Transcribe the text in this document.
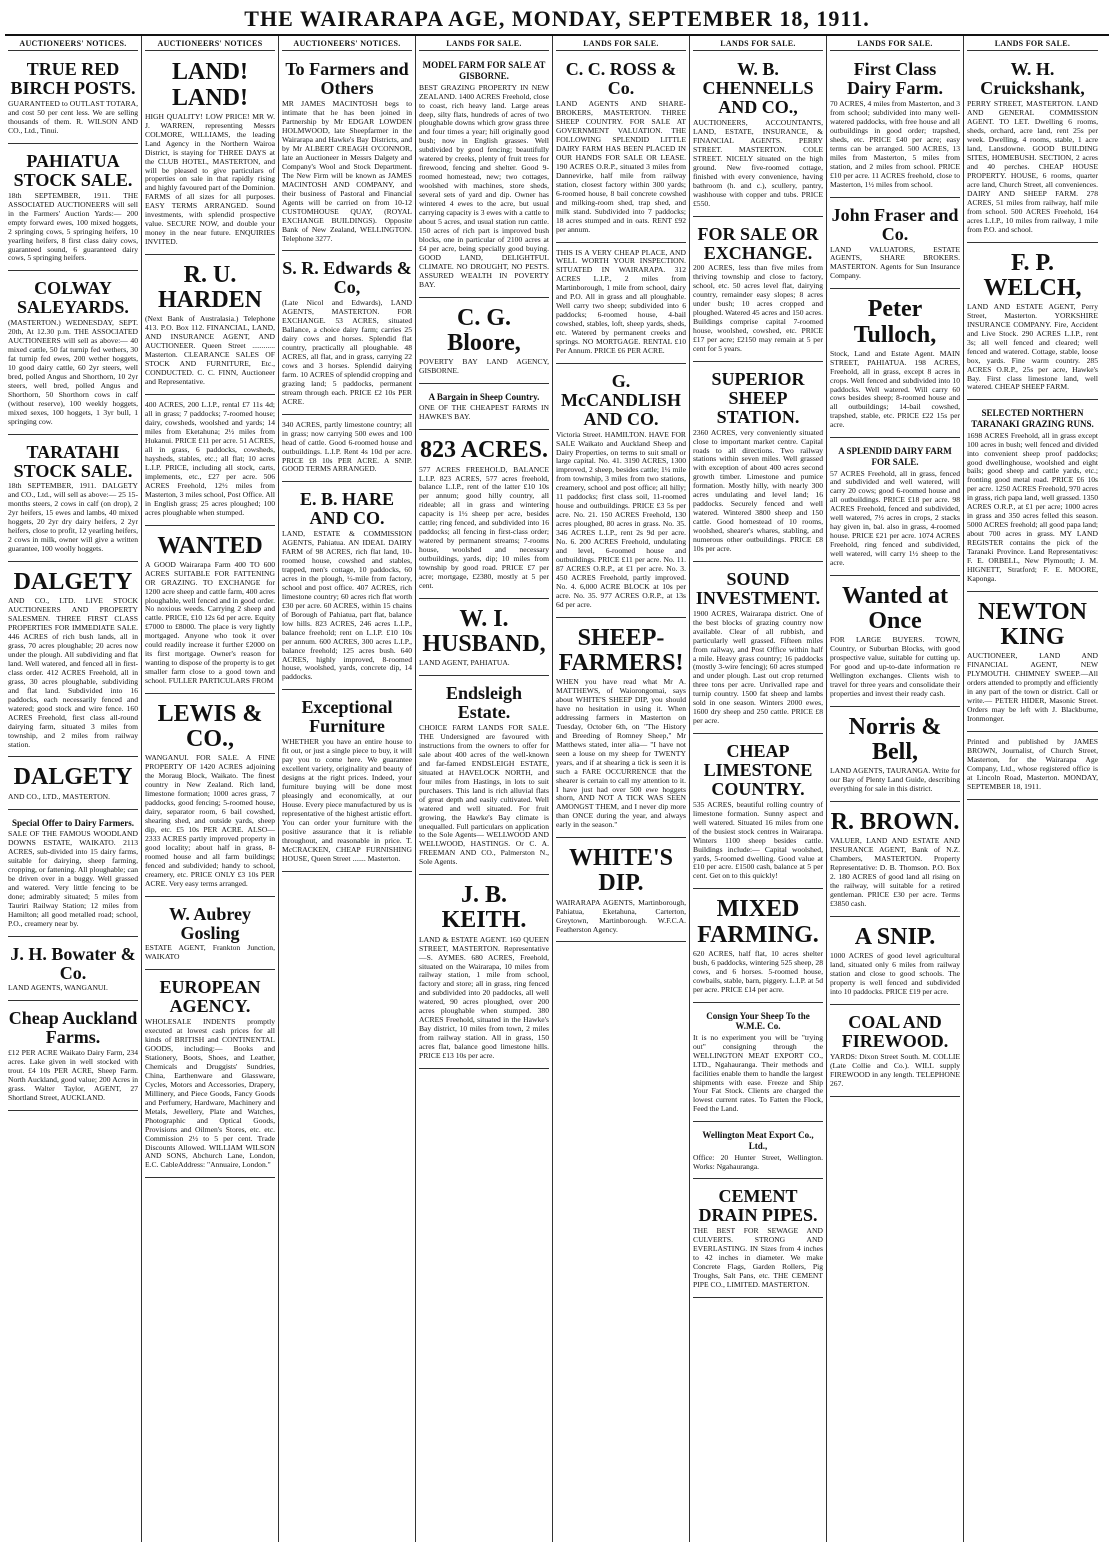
THE WAIRARAPA AGE, MONDAY, SEPTEMBER 18, 1911.
AUCTIONEERS' NOTICES.
TRUE RED BIRCH POSTS.

GUARANTEED to OUTLAST TOTARA, and cost 50 per cent less. We are selling thousands of them. R. WILSON AND CO., Ltd., Tinui.

PAHIATUA STOCK SALE.

18th SEPTEMBER, 1911. THE ASSOCIATED AUCTIONEERS will sell in the Farmers' Auction Yards:— 200 empty forward ewes, 100 mixed hoggets, 2 springing cows, 5 springing heifers, 10 yearling heifers, 8 first class dairy cows, guaranteed sound, 6 guaranteed dairy cows, 5 springing heifers.

COLWAY SALEYARDS.

(MASTERTON.) WEDNESDAY, SEPT. 20th, At 12.30 p.m. THE ASSOCIATED AUCTIONEERS will sell as above:— 40 mixed cattle, 50 fat turnip fed wethers, 30 fat turnip fed ewes, 200 wether hoggets, 10 good dairy cattle, 60 2yr steers, well bred, polled Angus and Shorthorn, 10 2yr steers, well bred, polled Angus and Shorthorn, 50 Shorthorn cows in calf (without reserve), 100 weekly hoggets, mixed sexes, 100 hoggets, 1 3yr bull, 1 springing cow.

TARATAHI STOCK SALE.

18th SEPTEMBER, 1911. DALGETY and CO., Ltd., will sell as above:— 25 15-months steers, 2 cows in calf (on drop), 2 2yr heifers, 15 ewes and lambs, 40 mixed hoggets, 20 2yr dry dairy heifers, 2 2yr heifers, close to profit, 12 yearling heifers, 2 cows in milk, owner will give a written guarantee, 100 woolly hoggets.

DALGETY

AND CO., LTD. LIVE STOCK AUCTIONEERS AND PROPERTY SALESMEN. THREE FIRST CLASS PROPERTIES FOR IMMEDIATE SALE. 446 ACRES of rich bush lands, all in grass, 70 acres ploughable; 20 acres now under the plough. All subdividing and flat land. Well watered, and fenced all in first-class order. 412 ACRES Freehold, all in grass, 30 acres ploughable, subdividing and flat land. Subdivided into 16 paddocks, each necessarily fenced and watered; good stock and wire fence. 160 ACRES Freehold, first class all-round dairying farm, situated 3 miles from township, and 2 miles from railway station.

DALGETY

AND CO., LTD., MASTERTON.

Special Offer to Dairy Farmers.

SALE OF THE FAMOUS WOODLAND DOWNS ESTATE, WAIKATO. 2113 ACRES, sub-divided into 15 dairy farms, suitable for dairying, sheep farming, cropping, or fattening. All ploughable; can be driven over in a buggy. Well grassed and watered. Very little fencing to be done; admirably situated; 5 miles from Tauriri Railway Station; 12 miles from Hamilton; all good metalled road; school, P.O., creamery near by.

J. H. Bowater & Co.

LAND AGENTS, WANGANUI.

Cheap Auckland Farms.

£12 PER ACRE Waikato Dairy Farm, 234 acres. Lake given in well stocked with trout. £4 10s PER ACRE, Sheep Farm. North Auckland, good value; 200 Acres in grass. Walter Taylor, AGENT, 27 Shortland Street, AUCKLAND.

AUCTIONEERS' NOTICES
LAND! LAND!

HIGH QUALITY! LOW PRICE! MR W. J. WARREN, representing Messrs COLMORE, WILLIAMS, the leading Land Agency in the Northern Wairoa District, is staying for THREE DAYS at the CLUB HOTEL, MASTERTON, and will be pleased to give particulars of properties on sale in that rapidly rising and highly favoured part of the Dominion. FARMS of all sizes for all purposes. EASY TERMS ARRANGED. Sound investments, with splendid prospective value. SECURE NOW, and double your money in the near future. ENQUIRIES INVITED.

R. U. HARDEN

(Next Bank of Australasia.) Telephone 413. P.O. Box 112. FINANCIAL, LAND, AND INSURANCE AGENT, AND AUCTIONEER. Queen Street ............ Masterton. CLEARANCE SALES OF STOCK AND FURNITURE, Etc., CONDUCTED. C. C. FINN, Auctioneer and Representative.

400 ACRES, 200 L.I.P., rental £7 11s 4d; all in grass; 7 paddocks; 7-roomed house; dairy, cowsheds, woolshed and yards; 14 miles from Eketahuna; 2½ miles from Hukanui. PRICE £11 per acre. 51 ACRES, all in grass, 6 paddocks, cowsheds, haysheds, stables, etc.; all flat; 10 acres L.I.P. PRICE, including all stock, carts, implements, etc., £27 per acre. 506 ACRES Freehold, 12½ miles from Masterton, 3 miles school, Post Office. All in English grass; 25 acres ploughed; 100 acres ploughable when stumped.

WANTED

A GOOD Wairarapa Farm 400 TO 600 ACRES SUITABLE FOR FATTENING OR GRAZING. TO EXCHANGE for 1200 acre sheep and cattle farm, 400 acres ploughable, well fenced and in good order. No noxious weeds. Carrying 2 sheep and cattle. PRICE, £10 12s 6d per acre. Equity £7000 to £8000. The place is very lightly mortgaged. Anyone who took it over could readily increase it further £2000 on its first mortgage. Owner's reason for wanting to dispose of the property is to get smaller farm close to a good town and school. FULLER PARTICULARS FROM

LEWIS & CO.,

WANGANUI. FOR SALE. A FINE PROPERTY OF 1420 ACRES adjoining the Moraug Block, Waikato. The finest country in New Zealand. Rich land, limestone formation; 1000 acres grass, 7 paddocks, good fencing; 5-roomed house, dairy, separator room, 6 bail cowshed, shearing shed, and outside yards, sheep dip, etc. £5 10s PER ACRE. ALSO— 2333 ACRES partly improved property in good locality; about half in grass, 8-roomed house and all farm buildings; fenced and subdivided; handy to school, creamery, etc. PRICE ONLY £3 10s PER ACRE. Very easy terms arranged.

W. Aubrey Gosling

ESTATE AGENT, Frankton Junction, WAIKATO

EUROPEAN AGENCY.

WHOLESALE INDENTS promptly executed at lowest cash prices for all kinds of BRITISH and CONTINENTAL GOODS, including:— Books and Stationery, Boots, Shoes, and Leather, Chemicals and Druggists' Sundries, China, Earthenware and Glassware, Cycles, Motors and Accessories, Drapery, Millinery, and Piece Goods, Fancy Goods and Perfumery, Hardware, Machinery and Metals, Jewellery, Plate and Watches, Photographic and Optical Goods, Provisions and Oilmen's Stores, etc. etc. Commission 2½ to 5 per cent. Trade Discounts Allowed. WILLIAM WILSON AND SONS, Abchurch Lane, London, E.C. CableAddress: "Annuaire, London."

AUCTIONEERS' NOTICES.
To Farmers and Others

MR JAMES MACINTOSH begs to intimate that he has been joined in Partnership by Mr EDGAR LOWDEN HOLMWOOD, late Sheepfarmer in the Wairarapa and Hawke's Bay Districts, and by Mr ALBERT CREAGH O'CONNOR, late an Auctioneer in Messrs Dalgety and Company's Wool and Stock Department. The New Firm will be known as JAMES MACINTOSH AND COMPANY, and their business of Pastoral and Financial Agents will be carried on from 10-12 CUSTOMHOUSE QUAY, (ROYAL EXCHANGE BUILDINGS). Opposite Bank of New Zealand, WELLINGTON. Telephone 3277.

S. R. Edwards & Co,

(Late Nicol and Edwards), LAND AGENTS, MASTERTON. FOR EXCHANGE. 53 ACRES, situated Ballance, a choice dairy farm; carries 25 dairy cows and horses. Splendid flat country, practically all ploughable. 48 ACRES, all flat, and in grass, carrying 22 cows and 3 horses. Splendid dairying farm. 10 ACRES of splendid cropping and grazing land; 5 paddocks, permanent stream through each. PRICE £2 10s PER ACRE.

340 ACRES, partly limestone country; all in grass; now carrying 500 ewes and 100 head of cattle. Good 6-roomed house and outbuildings. L.I.P. Rent 4s 10d per acre. PRICE £8 10s PER ACRE. A SNIP. GOOD TERMS ARRANGED.

E. B. HARE AND CO.

LAND, ESTATE & COMMISSION AGENTS, Pahiatua. AN IDEAL DAIRY FARM of 98 ACRES, rich flat land, 10-roomed house, cowshed and stables, trapped, men's cottage, 10 paddocks, 60 acres in the plough, ½-mile from factory, school and post office. 407 ACRES, rich limestone country; 60 acres rich flat worth £30 per acre. 60 ACRES, within 15 chains of Borough of Pahiatua, part flat, balance low hills. 823 ACRES, 246 acres L.I.P., balance freehold; rent on L.I.P. £10 10s per annum. 600 ACRES, 300 acres L.I.P., balance freehold; 125 acres bush. 640 ACRES, highly improved, 8-roomed house, woolshed, yards, concrete dip, 14 paddocks.

Exceptional Furniture

WHETHER you have an entire house to fit out, or just a single piece to buy, it will pay you to come here. We guarantee excellent variety, originality and beauty of designs at the right prices. Indeed, your furniture buying will be done most pleasingly and economically, at our House. Every piece manufactured by us is representative of the highest artistic effort. You can order your furniture with the positive assurance that it is reliable throughout, and reasonable in price. T. McCRACKEN, CHEAP FURNISHING HOUSE, Queen Street ....... Masterton.

LANDS FOR SALE.
MODEL FARM FOR SALE AT GISBORNE.

BEST GRAZING PROPERTY IN NEW ZEALAND. 1400 ACRES Freehold, close to coast, rich heavy land. Large areas deep, silty flats, hundreds of acres of two ploughable downs which grow grass three and four times a year; hill originally good bush; now in English grasses. Well subdivided by good fencing; beautifully watered by creeks, plenty of fruit trees for firewood, fencing and shelter. Good 9-roomed homestead, new; two cottages, woolshed with machines, store sheds, several sets of yard and dip. Owner has wintered 4 ewes to the acre, but usual carrying capacity is 3 ewes with a cattle to about 5 acres, and usual station run cattle. 150 acres of rich part is improved bush blocks, one in particular of 2100 acres at £4 per acre, being specially good buying. GOOD LAND, DELIGHTFUL CLIMATE. NO DROUGHT, NO PESTS. ASSURED WEALTH IN POVERTY BAY.

C. G. Bloore,

POVERTY BAY LAND AGENCY, GISBORNE.

A Bargain in Sheep Country.

ONE OF THE CHEAPEST FARMS IN HAWKE'S BAY.

823 ACRES.

577 ACRES FREEHOLD, BALANCE L.I.P. 823 ACRES, 577 acres freehold, balance L.I.P., rent of the latter £10 10s per annum; good hilly country, all rideable; all in grass and wintering capacity is 1½ sheep per acre, besides cattle; ring fenced, and subdivided into 16 paddocks; all fencing in first-class order; watered by permanent streams; 7-rooms house, woolshed and necessary outbuildings, yards, dip; 10 miles from township by good road. PRICE £7 per acre; mortgage, £2380, mostly at 5 per cent.

W. I. HUSBAND,

LAND AGENT, PAHIATUA.

Endsleigh Estate.

CHOICE FARM LANDS FOR SALE. THE Undersigned are favoured with instructions from the owners to offer for sale about 400 acres of the well-known and far-famed ENDSLEIGH ESTATE, situated at HAVELOCK NORTH, and four miles from Hastings, in lots to suit purchasers. This land is rich alluvial flats of great depth and easily cultivated. Well watered and well situated. For fruit growing, the Hawke's Bay climate is unequalled. Full particulars on application to the Sole Agents— WELLWOOD AND WELLWOOD, HASTINGS. Or C. A. FREEMAN AND CO., Palmerston N., Sole Agents.

J. B. KEITH.

LAND & ESTATE AGENT. 160 QUEEN STREET, MASTERTON. Representative—S. AYMES. 680 ACRES, Freehold, situated on the Wairarapa, 10 miles from railway station, 1 mile from school, factory and store; all in grass, ring fenced and subdivided into 20 paddocks, all well watered, 90 acres ploughed, over 200 acres ploughable when stumped. 380 ACRES Freehold, situated in the Hawke's Bay district, 10 miles from town, 2 miles from railway station. All in grass, 150 acres flat, balance good limestone hills. PRICE £13 10s per acre.

LANDS FOR SALE.
C. C. ROSS & Co.

LAND AGENTS AND SHARE-BROKERS, MASTERTON. THREE SHEEP COUNTRY. FOR SALE AT GOVERNMENT VALUATION. THE FOLLOWING SPLENDID LITTLE DAIRY FARM HAS BEEN PLACED IN OUR HANDS FOR SALE OR LEASE. 190 ACRES O.R.P., situated 3 miles from Dannevirke, half mile from railway station, closest factory within 300 yards; 6-roomed house, 8 bail concrete cowshed and milking-room shed, trap shed, and milk stand. Subdivided into 7 paddocks; 18 acres stumped and in oats. RENT £92 per annum.

THIS IS A VERY CHEAP PLACE, AND WELL WORTH YOUR INSPECTION. SITUATED IN WAIRARAPA. 312 ACRES L.I.P., 2 miles from Martinborough, 1 mile from school, dairy and P.O. All in grass and all ploughable. Well carry two sheep; subdivided into 6 paddocks; 6-roomed house, 4-bail cowshed, stables, loft, sheep yards, sheds, etc. Watered by permanent creeks and springs. NO MORTGAGE. RENTAL £10 Per Annum. PRICE £6 PER ACRE.

G. McCANDLISH AND CO.

Victoria Street. HAMILTON. HAVE FOR SALE Waikato and Auckland Sheep and Dairy Properties, on terms to suit small or large capital. No. 41. 3190 ACRES, 1300 improved, 2 sheep, besides cattle; 1¼ mile from township, 3 miles from two stations, creamery, school and post office; all hilly; 11 paddocks; first class soil, 11-roomed house and outbuildings. PRICE £3 5s per acre. No. 21. 150 ACRES Freehold, 130 acres ploughed, 80 acres in grass. No. 35. 346 ACRES L.I.P., rent 2s 9d per acre. No. 6. 200 ACRES Freehold, undulating and level, 6-roomed house and outbuildings. PRICE £11 per acre. No. 11. 87 ACRES O.R.P., at £1 per acre. No. 3. 450 ACRES Freehold, partly improved. No. 4. 6,000 ACRE BLOCK at 10s per acre. No. 35. 977 ACRES O.R.P., at 13s 6d per acre.

SHEEP-FARMERS!

WHEN you have read what Mr A. MATTHEWS, of Waiorongomai, says about WHITE'S SHEEP DIP, you should have no hesitation in using it. When addressing farmers in Masterton on Tuesday, October 6th, on "The History and Breeding of Romney Sheep," Mr Matthews stated, inter alia— "I have not seen a louse on my sheep for TWENTY years, and if at shearing a tick is seen it is such a FARE OCCURRENCE that the shearer is certain to call my attention to it. I have just had over 500 ewe hoggets shorn, AND NOT A TICK WAS SEEN AMONGST THEM, and I never dip more than ONCE during the year, and always early in the season."

WHITE'S DIP.

WAIRARAPA AGENTS, Martinborough, Pahiatua, Eketahuna, Carterton, Greytown, Martinborough. W.F.C.A. Featherston Agency.

LANDS FOR SALE.
W. B. CHENNELLS AND CO.,

AUCTIONEERS, ACCOUNTANTS, LAND, ESTATE, INSURANCE, & FINANCIAL AGENTS. PERRY STREET. MASTERTON. COLE STREET. NICELY situated on the high ground. New five-roomed cottage, finished with every convenience, having bathroom (h. and c.), scullery, pantry, washhouse with copper and tubs. PRICE £550.

FOR SALE OR EXCHANGE.

200 ACRES, less than five miles from thriving township and close to factory, school, etc. 50 acres level flat, dairying country, remainder easy slopes; 8 acres under bush; 10 acres cropped and ploughed. Watered 45 acres and 150 acres. Buildings comprise capital 7-roomed house, woolshed, cowshed, etc. PRICE £17 per acre; £2150 may remain at 5 per cent for 5 years.

SUPERIOR SHEEP STATION.

2360 ACRES, very conveniently situated close to important market centre. Capital roads to all directions. Two railway stations within seven miles. Well grassed with exception of about 400 acres second growth timber. Limestone and pumice formation. Mostly hilly, with nearly 300 acres undulating and level land; 16 paddocks. Securely fenced and well watered. Wintered 3800 sheep and 150 cattle. Good homestead of 10 rooms, woolshed, shearer's whares, stabling, and numerous other outbuildings. PRICE £8 10s per acre.

SOUND INVESTMENT.

1900 ACRES, Wairarapa district. One of the best blocks of grazing country now available. Clear of all rubbish, and particularly well grassed. Fifteen miles from railway, and Post Office within half a mile. Heavy grass country; 16 paddocks (mostly 3-wire fencing); 60 acres stumped and under plough. Last out crop returned three tons per acre. Unrivalled rape and turnip country. 1500 fat sheep and lambs sold in one season. Winters 2000 ewes, 1600 dry sheep and 250 cattle. PRICE £8 per acre.

CHEAP LIMESTONE COUNTRY.

535 ACRES, beautiful rolling country of limestone formation. Sunny aspect and well watered. Situated 16 miles from one of the busiest stock centres in Wairarapa. Winters 1100 sheep besides cattle. Buildings include:— Capital woolshed, yards, 5-roomed dwelling. Good value at £10 per acre. £1500 cash, balance at 5 per cent. Get on to this quickly!

MIXED FARMING.

620 ACRES, half flat, 10 acres shelter bush, 6 paddocks, wintering 525 sheep, 28 cows, and 6 horses. 5-roomed house, cowbails, stable, barn, piggery. L.I.P. at 5d per acre. PRICE £14 per acre.

Consign Your Sheep To the W.M.E. Co.

It is no experiment you will be "trying out" consigning through the WELLINGTON MEAT EXPORT CO., LTD., Ngahauranga. Their methods and facilities enable them to handle the largest shipments with ease. Freeze and Ship Your Fat Stock. Clients are charged the lowest current rates. To Fatten the Flock, Feed the Land.

Wellington Meat Export Co., Ltd.,

Office: 20 Hunter Street, Wellington. Works: Ngahauranga.

CEMENT DRAIN PIPES.

THE BEST FOR SEWAGE AND CULVERTS. STRONG AND EVERLASTING. IN Sizes from 4 inches to 42 inches in diameter. We make Concrete Flags, Garden Rollers, Pig Troughs, Salt Pans, etc. THE CEMENT PIPE CO., LIMITED. MASTERTON.

LANDS FOR SALE.
First Class Dairy Farm.

70 ACRES, 4 miles from Masterton, and 3 from school; subdivided into many well-watered paddocks, with free house and all outbuildings in good order; trapshed, sheds, etc. PRICE £40 per acre; easy terms can be arranged. 500 ACRES, 13 miles from Masterton, 5 miles from station, and 2 miles from school. PRICE £10 per acre. 11 ACRES freehold, close to Masterton, 1½ miles from school.

John Fraser and Co.

LAND VALUATORS, ESTATE AGENTS, SHARE BROKERS. MASTERTON. Agents for Sun Insurance Company.

Peter Tulloch,

Stock, Land and Estate Agent. MAIN STREET, PAHIATUA. 198 ACRES, Freehold, all in grass, except 8 acres in crops. Well fenced and subdivided into 10 paddocks. Well watered. Will carry 60 cows besides sheep; 8-roomed house and all outbuildings; 14-bail cowshed, trapshed, stable, etc. PRICE £22 15s per acre.

A SPLENDID DAIRY FARM FOR SALE.

57 ACRES Freehold, all in grass, fenced and subdivided and well watered, will carry 20 cows; good 6-roomed house and all outbuildings. PRICE £18 per acre. 98 ACRES Freehold, fenced and subdivided, well watered, 7½ acres in crops, 2 stacks hay given in, bal. also in grass, 4-roomed house. PRICE £21 per acre. 1074 ACRES Freehold, ring fenced and subdivided, well watered, will carry 1½ sheep to the acre.

Wanted at Once

FOR LARGE BUYERS. TOWN, Country, or Suburban Blocks, with good prospective value, suitable for cutting up. For good and up-to-date information re Wellington exchanges. Clients wish to travel for three years and consolidate their properties and invest their ready cash.

Norris & Bell,

LAND AGENTS, TAURANGA. Write for our Bay of Plenty Land Guide, describing everything for sale in this district.

R. BROWN.

VALUER, LAND AND ESTATE AND INSURANCE AGENT, Bank of N.Z. Chambers, MASTERTON. Property Representative: D. B. Thomson. P.O. Box 2. 180 ACRES of good land all rising on the railway, will suitable for a retired gentleman. PRICE £30 per acre. Terms £3850 cash.

A SNIP.

1000 ACRES of good level agricultural land, situated only 6 miles from railway station and close to good schools. The property is well fenced and subdivided into 10 paddocks. PRICE £19 per acre.

COAL AND FIREWOOD.

YARDS: Dixon Street South. M. COLLIE (Late Collie and Co.). WILL supply FIREWOOD in any length. TELEPHONE 267.

LANDS FOR SALE.
W. H. Cruickshank,

PERRY STREET, MASTERTON. LAND AND GENERAL COMMISSION AGENT. TO LET. Dwelling 6 rooms, sheds, orchard, acre land, rent 25s per week. Dwelling, 4 rooms, stable, 1 acre land, Lansdowne. GOOD BUILDING SITES, HOMEBUSH. SECTION, 2 acres and 40 perches. CHEAP HOUSE PROPERTY. HOUSE, 6 rooms, quarter acre land, Church Street, all conveniences. DAIRY AND SHEEP FARM. 278 ACRES, 51 miles from railway, half mile from school. 500 ACRES Freehold, 164 acres L.I.P., 10 miles from railway, 1 mile from P.O. and school.

F. P. WELCH,

LAND AND ESTATE AGENT, Perry Street, Masterton. YORKSHIRE INSURANCE COMPANY. Fire, Accident and Live Stock. 290 ACRES L.I.P., rent 3s; all well fenced and cleared; well fenced and watered. Cottage, stable, loose box, yards. Fine warm country. 285 ACRES O.R.P., 25s per acre, Hawke's Bay. First class limestone land, well watered. CHEAP SHEEP FARM.

SELECTED NORTHERN TARANAKI GRAZING RUNS.

1698 ACRES Freehold, all in grass except 100 acres in bush; well fenced and divided into convenient sheep proof paddocks; good dwellinghouse, woolshed and eight bails; good sheep and cattle yards, etc.; fronting good metal road. PRICE £6 10s per acre. 1250 ACRES Freehold, 970 acres in grass, rich papa land, well grassed. 1350 ACRES O.R.P., at £1 per acre; 1000 acres in grass and 350 acres felled this season. 5000 ACRES freehold; all good papa land; about 700 acres in grass. MY LAND REGISTER contains the pick of the Taranaki Province. Land Representatives: F. E. ORBELL, New Plymouth; J. M. HIGNETT, Stratford; F. E. MOORE, Kaponga.

NEWTON KING

AUCTIONEER, LAND AND FINANCIAL AGENT, NEW PLYMOUTH. CHIMNEY SWEEP.—All orders attended to promptly and efficiently in any part of the town or district. Call or write.— PETER HIDER, Masonic Street. Orders may be left with J. Blackburne, Ironmonger.

Printed and published by JAMES BROWN, Journalist, of Church Street, Masterton, for the Wairarapa Age Company, Ltd., whose registered office is at Lincoln Road, Masterton. MONDAY, SEPTEMBER 18, 1911.
